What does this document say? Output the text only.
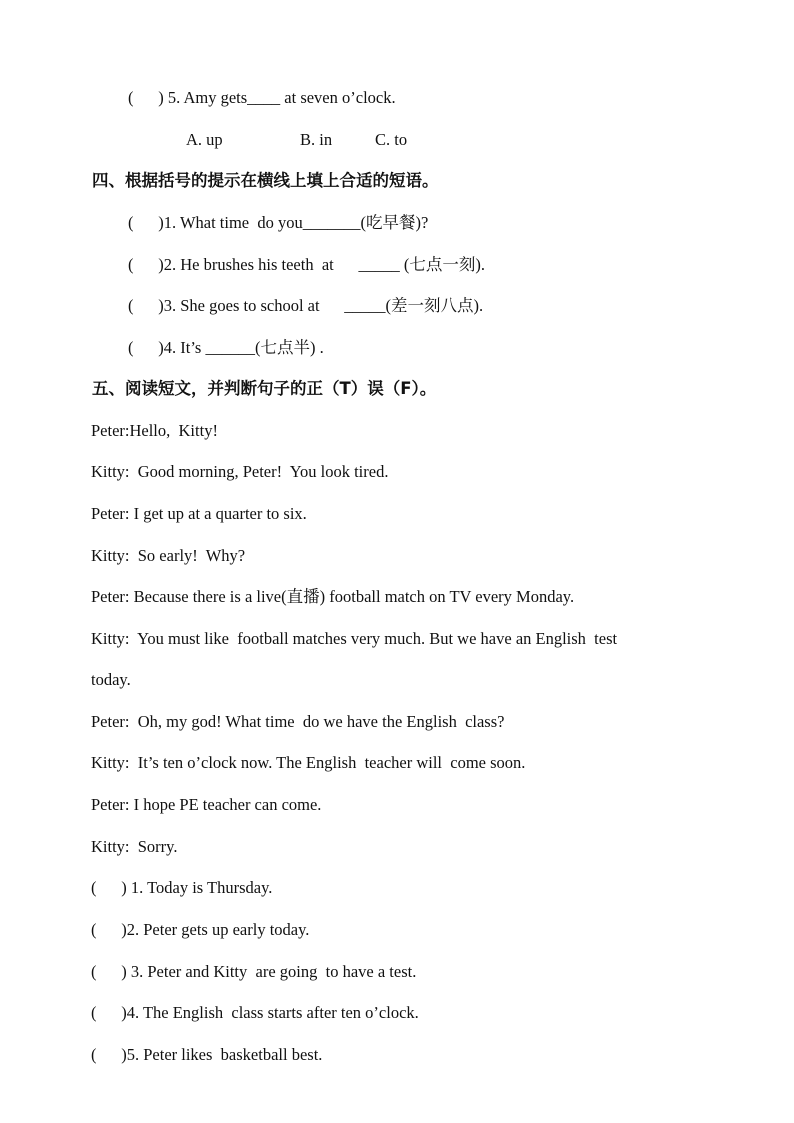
(      ) 5. Amy gets____ at seven o’clock.
A. up	B. in	C. to
四、根据括号的提示在横线上填上合适的短语。
(      )1. What time  do you_______(吃早餐)?
(      )2. He brushes his teeth  at      _____ (七点一刻).
(      )3. She goes to school at      _____(差一刻八点).
(      )4. It’s ______(七点半) .
五、阅读短文，并判断句子的正（T）误（F）。
Peter:Hello,  Kitty!
Kitty:  Good morning, Peter!  You look tired.
Peter: I get up at a quarter to six.
Kitty:  So early!  Why?
Peter: Because there is a live(直播) football match on TV every Monday.
Kitty:  You must like  football matches very much. But we have an English  test
today.
Peter:  Oh, my god! What time  do we have the English  class?
Kitty:  It’s ten o’clock now. The English  teacher will  come soon.
Peter: I hope PE teacher can come.
Kitty:  Sorry.
(      ) 1. Today is Thursday.
(      )2. Peter gets up early today.
(      ) 3. Peter and Kitty  are going  to have a test.
(      )4. The English  class starts after ten o’clock.
(      )5. Peter likes  basketball best.
